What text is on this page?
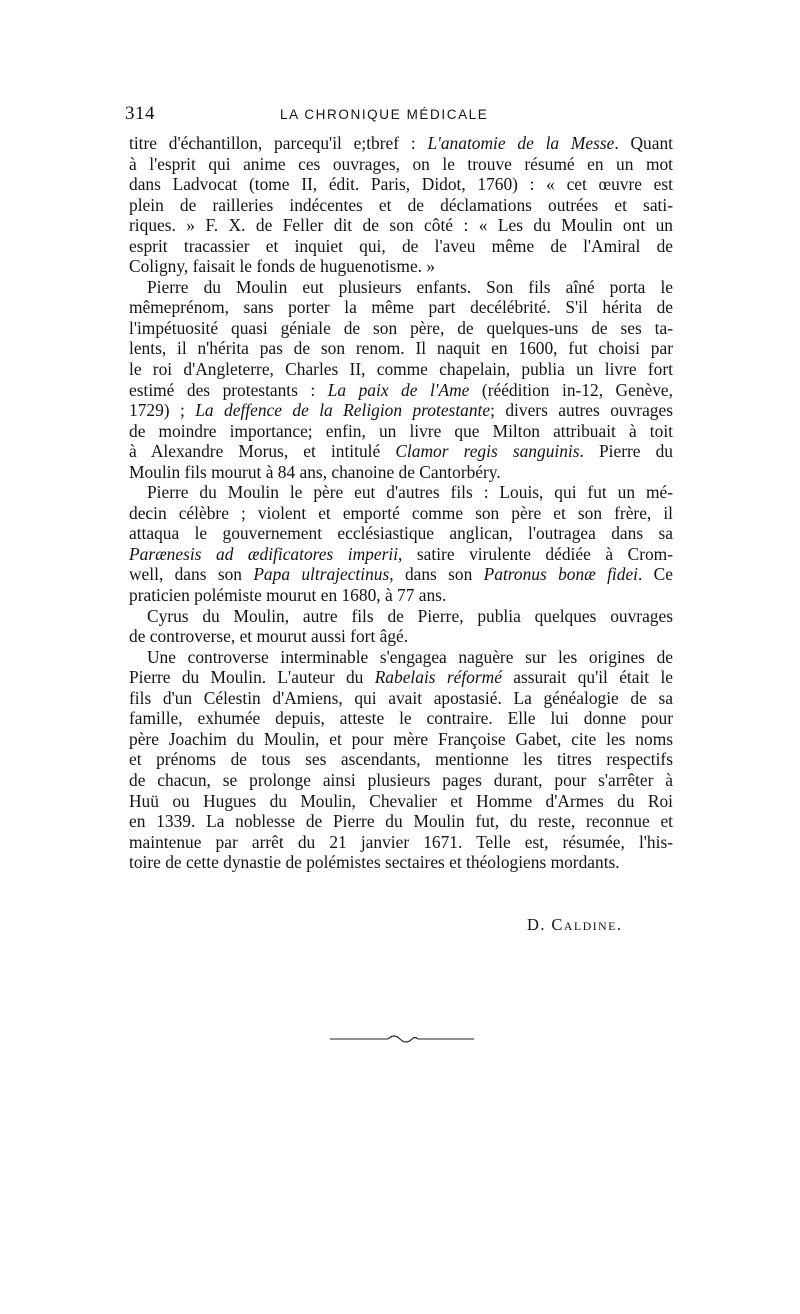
314	LA CHRONIQUE MÉDICALE
titre d'échantillon, parcequ'il e;tbref : L'anatomie de la Messe. Quant
à l'esprit qui anime ces ouvrages, on le trouve résumé en un mot
dans Ladvocat (tome II, édit. Paris, Didot, 1760) : « cet œuvre est
plein de railleries indécentes et de déclamations outrées et sati-
riques. » F. X. de Feller dit de son côté : « Les du Moulin ont un
esprit tracassier et inquiet qui, de l'aveu même de l'Amiral de
Coligny, faisait le fonds de huguenotisme. »
Pierre du Moulin eut plusieurs enfants. Son fils aîné porta le
mêmeprénom, sans porter la même part decélébrité. S'il hérita de
l'impétuosité quasi géniale de son père, de quelques-uns de ses ta-
lents, il n'hérita pas de son renom. Il naquit en 1600, fut choisi par
le roi d'Angleterre, Charles II, comme chapelain, publia un livre fort
estimé des protestants : La paix de l'Ame (réédition in-12, Genève,
1729) ; La deffence de la Religion protestante; divers autres ouvrages
de moindre importance; enfin, un livre que Milton attribuait à toit
à Alexandre Morus, et intitulé Clamor regis sanguinis. Pierre du
Moulin fils mourut à 84 ans, chanoine de Cantorbéry.
Pierre du Moulin le père eut d'autres fils : Louis, qui fut un mé-
decin célèbre ; violent et emporté comme son père et son frère, il
attaqua le gouvernement ecclésiastique anglican, l'outragea dans sa
Parænesis ad ædificatores imperii, satire virulente dédiée à Crom-
well, dans son Papa ultrajectinus, dans son Patronus bonæ fidei. Ce
praticien polémiste mourut en 1680, à 77 ans.
Cyrus du Moulin, autre fils de Pierre, publia quelques ouvrages
de controverse, et mourut aussi fort âgé.
Une controverse interminable s'engagea naguère sur les origines de
Pierre du Moulin. L'auteur du Rabelais réformé assurait qu'il était le
fils d'un Célestin d'Amiens, qui avait apostasié. La généalogie de sa
famille, exhumée depuis, atteste le contraire. Elle lui donne pour
père Joachim du Moulin, et pour mère Françoise Gabet, cite les noms
et prénoms de tous ses ascendants, mentionne les titres respectifs
de chacun, se prolonge ainsi plusieurs pages durant, pour s'arrêter à
Huü ou Hugues du Moulin, Chevalier et Homme d'Armes du Roi
en 1339. La noblesse de Pierre du Moulin fut, du reste, reconnue et
maintenue par arrêt du 21 janvier 1671. Telle est, résumée, l'his-
toire de cette dynastie de polémistes sectaires et théologiens mordants.
D. Caldine.
